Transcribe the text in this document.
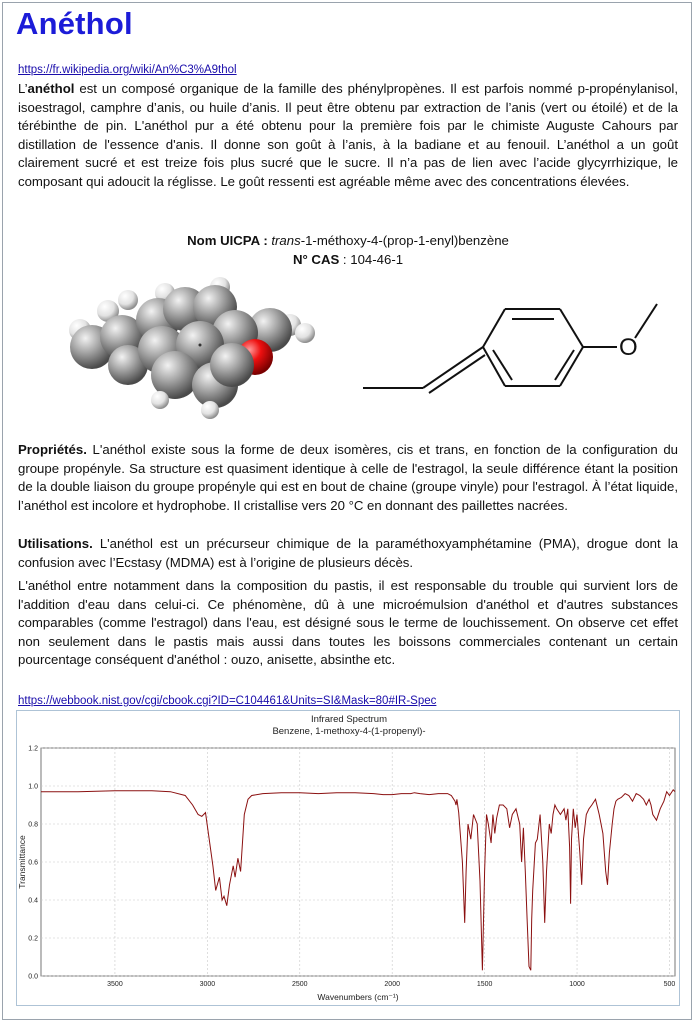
Anéthol
https://fr.wikipedia.org/wiki/An%C3%A9thol

L’anéthol est un composé organique de la famille des phénylpropènes. Il est parfois nommé p-propénylanisol, isoestragol, camphre d’anis, ou huile d’anis. Il peut être obtenu par extraction de l’anis (vert ou étoilé) et de la térébinthe de pin. L'anéthol pur a été obtenu pour la première fois par le chimiste Auguste Cahours par distillation de l'essence d'anis. Il donne son goût à l’anis, à la badiane et au fenouil. L’anéthol a un goût clairement sucré et est treize fois plus sucré que le sucre. Il n’a pas de lien avec l’acide glycyrrhizique, le composant qui adoucit la réglisse. Le goût ressenti est agréable même avec des concentrations élevées.

Nom UICPA : trans-1-méthoxy-4-(prop-1-enyl)benzène
N° CAS : 104-46-1
O

Propriétés. L'anéthol existe sous la forme de deux isomères, cis et trans, en fonction de la configuration du groupe propényle. Sa structure est quasiment identique à celle de l'estragol, la seule différence étant la position de la double liaison du groupe propényle qui est en bout de chaine (groupe vinyle) pour l'estragol. À l’état liquide, l’anéthol est incolore et hydrophobe. Il cristallise vers 20 °C en donnant des paillettes nacrées.

Utilisations. L'anéthol est un précurseur chimique de la paraméthoxyamphétamine (PMA), drogue dont la confusion avec l’Ecstasy (MDMA) est à l’origine de plusieurs décès.

L'anéthol entre notamment dans la composition du pastis, il est responsable du trouble qui survient lors de l'addition d'eau dans celui-ci. Ce phénomène, dû à une microémulsion d'anéthol et d'autres substances comparables (comme l'estragol) dans l'eau, est désigné sous le terme de louchissement. On observe cet effet non seulement dans le pastis mais aussi dans toutes les boissons commerciales contenant un certain pourcentage conséquent d'anéthol : ouzo, anisette, absinthe etc.

https://webbook.nist.gov/cgi/cbook.cgi?ID=C104461&Units=SI&Mask=80#IR-Spec
Infrared Spectrum
Benzene, 1-methoxy-4-(1-propenyl)-
0.0
0.2
0.4
0.6
0.8
1.0
1.2
3500	3000	2500	2000	1500	1000	500
Wavenumbers (cm⁻¹)
Transmittance
